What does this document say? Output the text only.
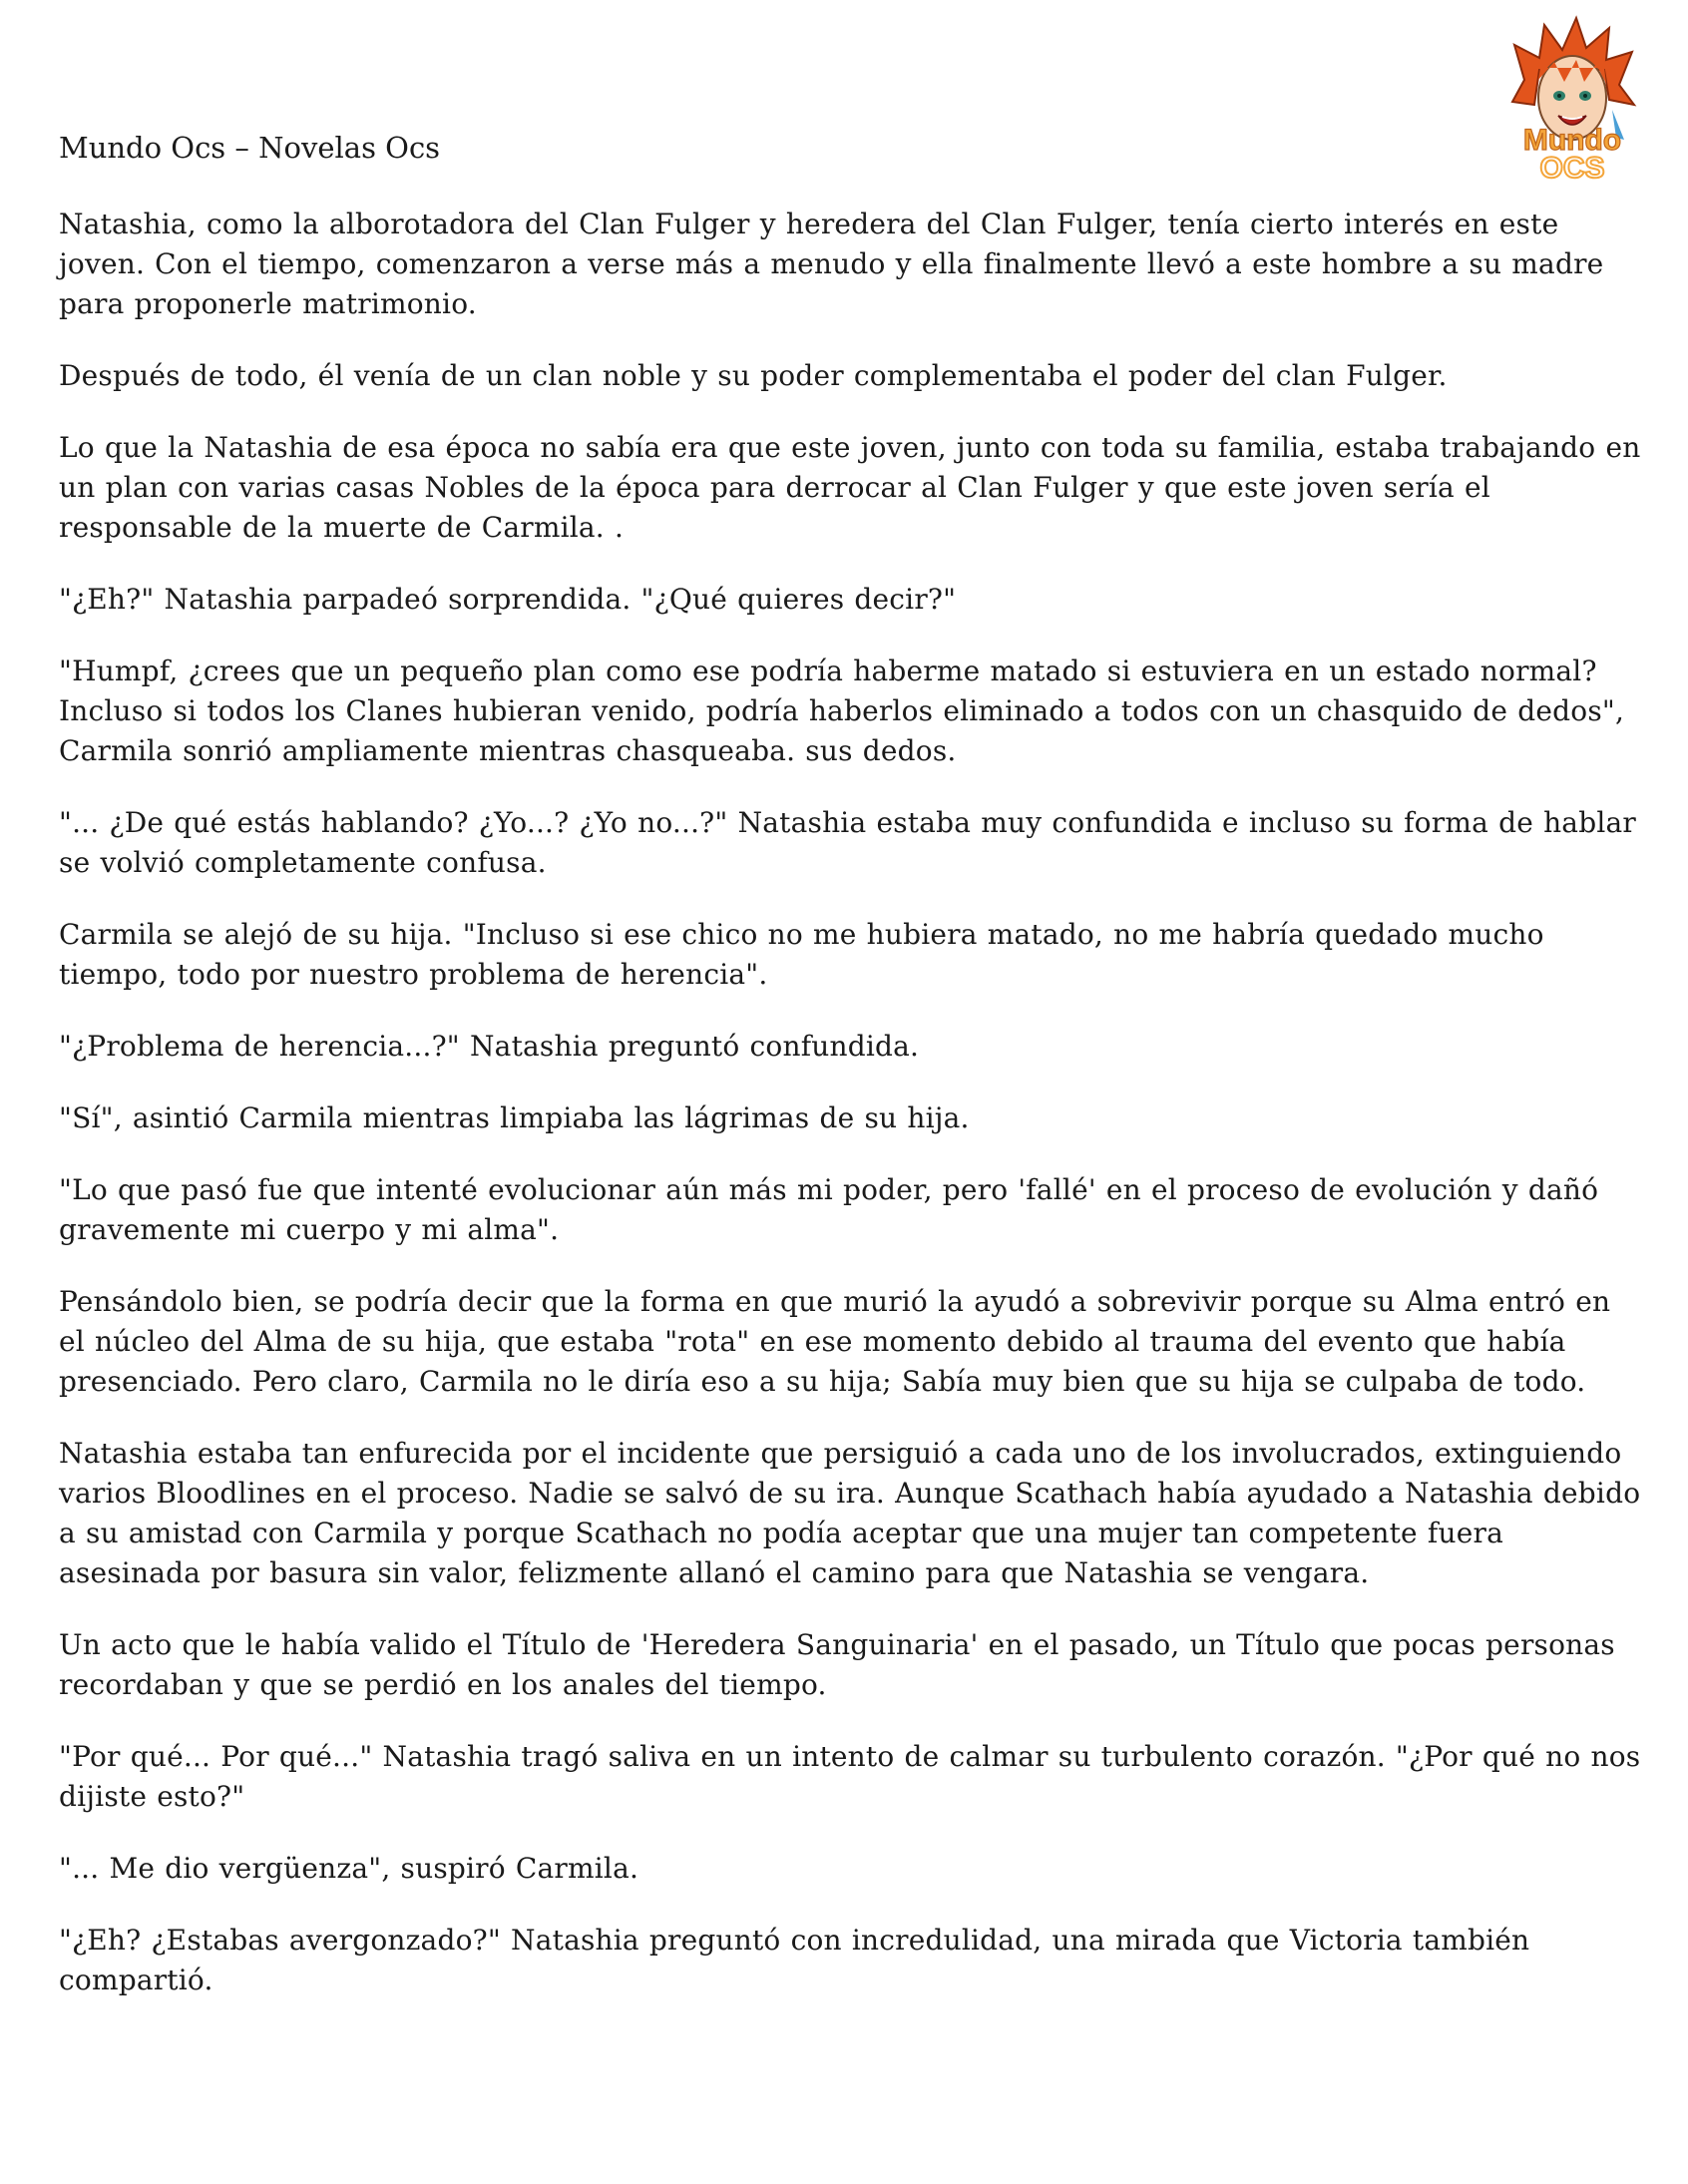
Mundo Ocs – Novelas Ocs	Mundo
OCS

Natashia, como la alborotadora del Clan Fulger y heredera del Clan Fulger, tenía cierto interés en este joven. Con el tiempo, comenzaron a verse más a menudo y ella finalmente llevó a este hombre a su madre para proponerle matrimonio.

Después de todo, él venía de un clan noble y su poder complementaba el poder del clan Fulger.

Lo que la Natashia de esa época no sabía era que este joven, junto con toda su familia, estaba trabajando en un plan con varias casas Nobles de la época para derrocar al Clan Fulger y que este joven sería el responsable de la muerte de Carmila. .

"¿Eh?" Natashia parpadeó sorprendida. "¿Qué quieres decir?"

"Humpf, ¿crees que un pequeño plan como ese podría haberme matado si estuviera en un estado normal? Incluso si todos los Clanes hubieran venido, podría haberlos eliminado a todos con un chasquido de dedos", Carmila sonrió ampliamente mientras chasqueaba. sus dedos.

"... ¿De qué estás hablando? ¿Yo...? ¿Yo no...?" Natashia estaba muy confundida e incluso su forma de hablar se volvió completamente confusa.

Carmila se alejó de su hija. "Incluso si ese chico no me hubiera matado, no me habría quedado mucho tiempo, todo por nuestro problema de herencia".

"¿Problema de herencia...?" Natashia preguntó confundida.

"Sí", asintió Carmila mientras limpiaba las lágrimas de su hija.

"Lo que pasó fue que intenté evolucionar aún más mi poder, pero 'fallé' en el proceso de evolución y dañó gravemente mi cuerpo y mi alma".

Pensándolo bien, se podría decir que la forma en que murió la ayudó a sobrevivir porque su Alma entró en el núcleo del Alma de su hija, que estaba "rota" en ese momento debido al trauma del evento que había presenciado. Pero claro, Carmila no le diría eso a su hija; Sabía muy bien que su hija se culpaba de todo.

Natashia estaba tan enfurecida por el incidente que persiguió a cada uno de los involucrados, extinguiendo varios Bloodlines en el proceso. Nadie se salvó de su ira. Aunque Scathach había ayudado a Natashia debido a su amistad con Carmila y porque Scathach no podía aceptar que una mujer tan competente fuera asesinada por basura sin valor, felizmente allanó el camino para que Natashia se vengara.

Un acto que le había valido el Título de 'Heredera Sanguinaria' en el pasado, un Título que pocas personas recordaban y que se perdió en los anales del tiempo.

"Por qué... Por qué..." Natashia tragó saliva en un intento de calmar su turbulento corazón. "¿Por qué no nos dijiste esto?"

"... Me dio vergüenza", suspiró Carmila.

"¿Eh? ¿Estabas avergonzado?" Natashia preguntó con incredulidad, una mirada que Victoria también compartió.
